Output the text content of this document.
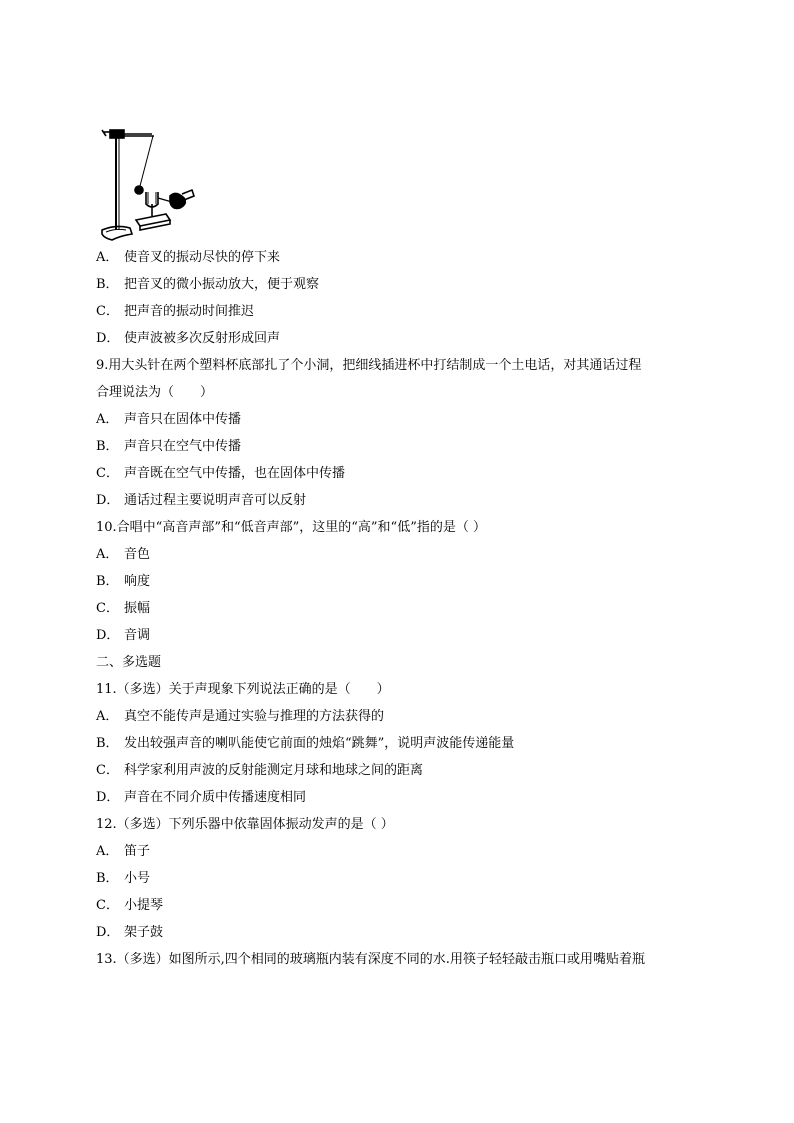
A． 使音叉的振动尽快的停下来
B． 把音叉的微小振动放大，便于观察
C． 把声音的振动时间推迟
D． 使声波被多次反射形成回声
9.用大头针在两个塑料杯底部扎了个小洞，把细线插进杯中打结制成一个土电话，对其通话过程
合理说法为（　　）
A． 声音只在固体中传播
B． 声音只在空气中传播
C． 声音既在空气中传播，也在固体中传播
D． 通话过程主要说明声音可以反射
10.合唱中“高音声部”和“低音声部”，这里的“高”和“低”指的是（ ）
A． 音色
B． 响度
C． 振幅
D． 音调
二、多选题
11.（多选）关于声现象下列说法正确的是（　　）
A． 真空不能传声是通过实验与推理的方法获得的
B． 发出较强声音的喇叭能使它前面的烛焰“跳舞”，说明声波能传递能量
C． 科学家利用声波的反射能测定月球和地球之间的距离
D． 声音在不同介质中传播速度相同
12.（多选）下列乐器中依靠固体振动发声的是（ ）
A． 笛子
B． 小号
C． 小提琴
D． 架子鼓
13.（多选）如图所示,四个相同的玻璃瓶内装有深度不同的水.用筷子轻轻敲击瓶口或用嘴贴着瓶
